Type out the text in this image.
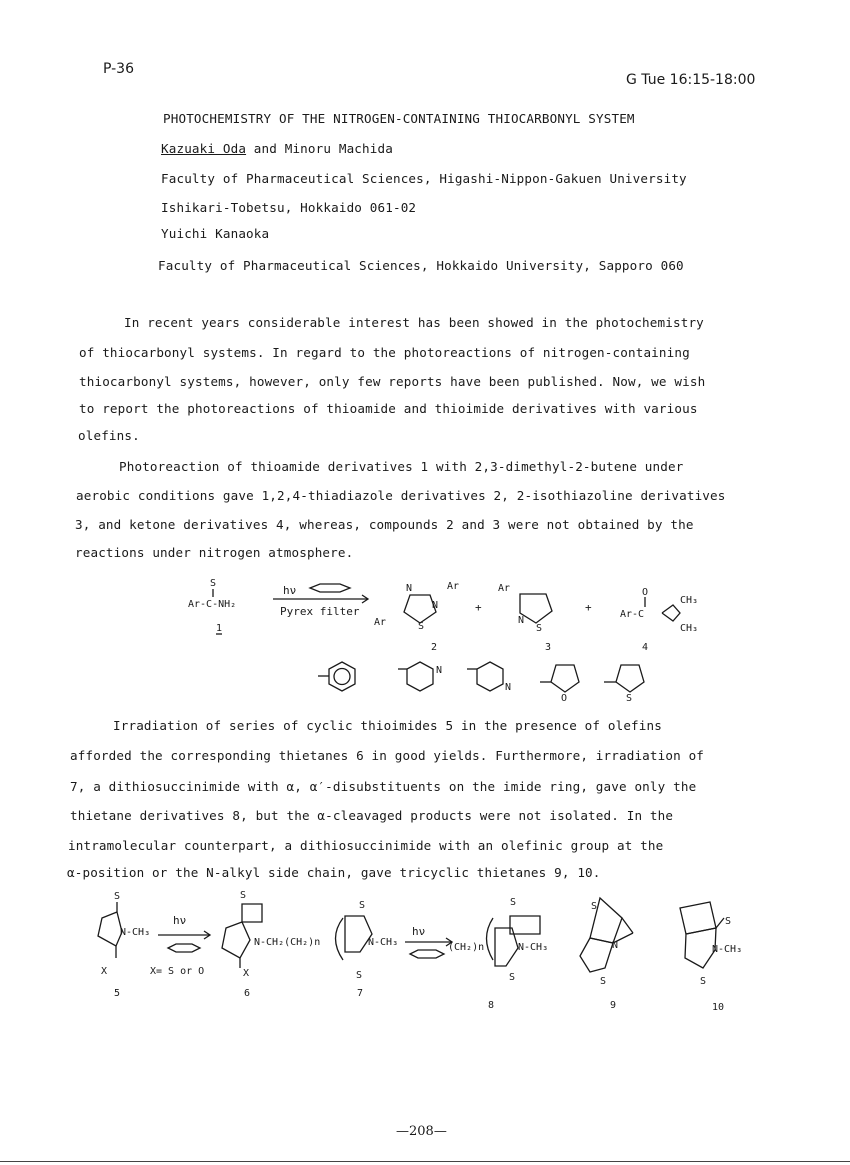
P-36
G Tue 16:15-18:00
PHOTOCHEMISTRY OF THE NITROGEN-CONTAINING THIOCARBONYL SYSTEM
Kazuaki Oda and Minoru Machida
Faculty of Pharmaceutical Sciences, Higashi-Nippon-Gakuen University
Ishikari-Tobetsu, Hokkaido 061-02
Yuichi Kanaoka
Faculty of Pharmaceutical Sciences, Hokkaido University, Sapporo 060
In recent years considerable interest has been showed in the photochemistry
of thiocarbonyl systems. In regard to the photoreactions of nitrogen-containing
thiocarbonyl systems, however, only few reports have been published. Now, we wish
to report the photoreactions of thioamide and thioimide derivatives with various
olefins.
Photoreaction of thioamide derivatives 1 with 2,3-dimethyl-2-butene under
aerobic conditions gave 1,2,4-thiadiazole derivatives 2, 2-isothiazoline derivatives
3, and ketone derivatives 4, whereas, compounds 2 and 3 were not obtained by the
reactions under nitrogen atmosphere.
S
Ar-C-NH₂
1
hν
Pyrex filter
N
N
S
Ar
Ar
2
+
Ar
N
S
3
+
O
Ar-C
CH₃
CH₃
4
N
N
O	S
Irradiation of series of cyclic thioimides 5 in the presence of olefins
afforded the corresponding thietanes 6 in good yields. Furthermore, irradiation of
7, a dithiosuccinimide with α, α′-disubstituents on the imide ring, gave only the
thietane derivatives 8, but the α-cleavaged products were not isolated. In the
intramolecular counterpart, a dithiosuccinimide with an olefinic group at the
α-position or the N-alkyl side chain, gave tricyclic thietanes 9, 10.
S
N-CH₃
X
5
hν
X= S or O
S
N-CH₂(CH₂)n
X
6
S
N-CH₃
S
7
hν
(CH₂)n
S
N-CH₃
S
8
S
N
S
9
S
N-CH₃
S
10
—208—
